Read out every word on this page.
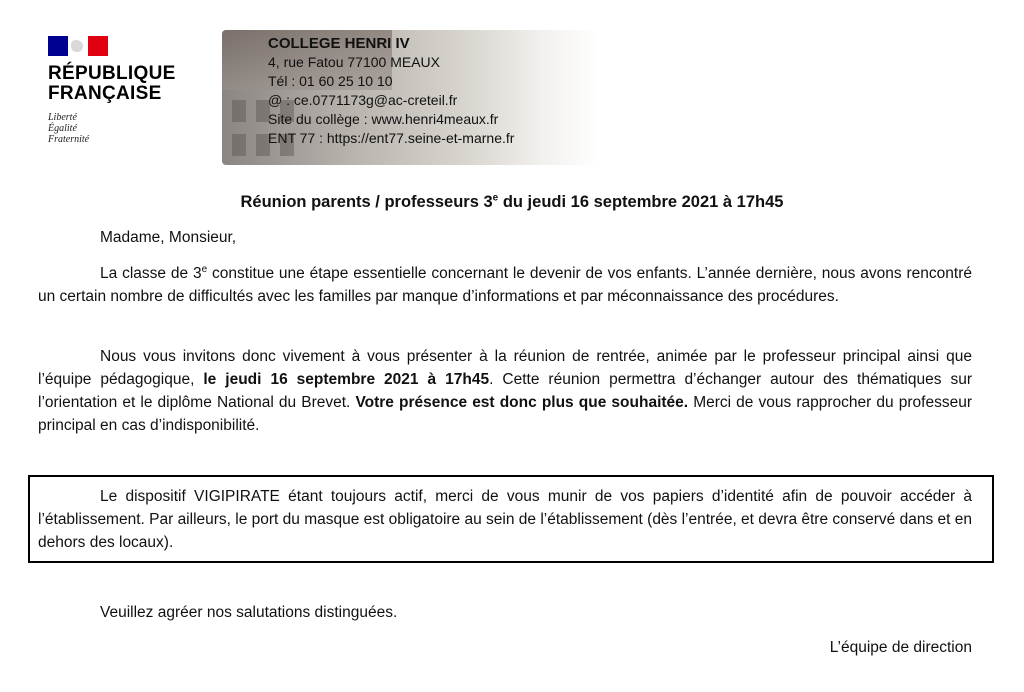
RÉPUBLIQUE
FRANÇAISE
Liberté
Égalité
Fraternité
COLLEGE HENRI IV
4, rue Fatou 77100 MEAUX
Tél : 01 60 25 10 10
@ : ce.0771173g@ac-creteil.fr
Site du collège : www.henri4meaux.fr
ENT 77 : https://ent77.seine-et-marne.fr
Réunion parents / professeurs 3e du jeudi 16 septembre 2021 à 17h45
Madame, Monsieur,
La classe de 3e constitue une étape essentielle concernant le devenir de vos enfants. L’année dernière, nous avons rencontré un certain nombre de difficultés avec les familles par manque d’informations et par méconnaissance des procédures.
Nous vous invitons donc vivement à vous présenter à la réunion de rentrée, animée par le professeur principal ainsi que l’équipe pédagogique, le jeudi 16 septembre 2021 à 17h45. Cette réunion permettra d’échanger autour des thématiques sur l’orientation et le diplôme National du Brevet. Votre présence est donc plus que souhaitée. Merci de vous rapprocher du professeur principal en cas d’indisponibilité.
Le dispositif VIGIPIRATE étant toujours actif, merci de vous munir de vos papiers d’identité afin de pouvoir accéder à l’établissement. Par ailleurs, le port du masque est obligatoire au sein de l’établissement (dès l’entrée, et devra être conservé dans et en dehors des locaux).
Veuillez agréer nos salutations distinguées.
L’équipe de direction
